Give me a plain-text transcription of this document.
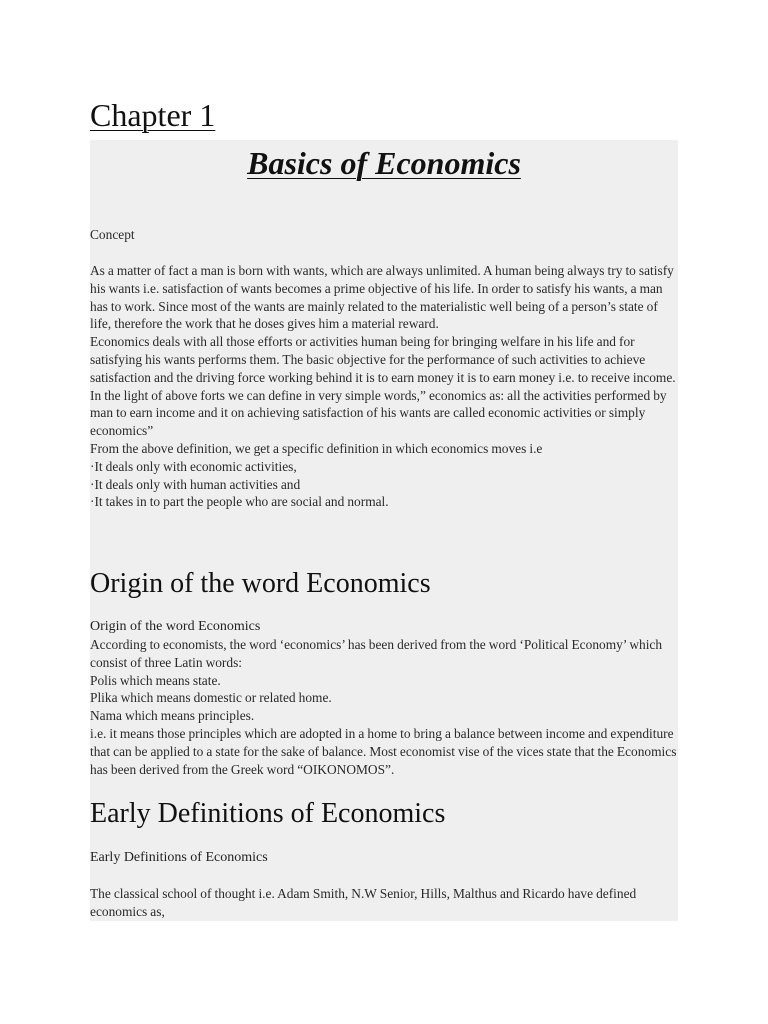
Chapter 1
Basics of Economics
Concept

As a matter of fact a man is born with wants, which are always unlimited. A human being always try to satisfy his wants i.e. satisfaction of wants becomes a prime objective of his life. In order to satisfy his wants, a man has to work. Since most of the wants are mainly related to the materialistic well being of a person’s state of life, therefore the work that he doses gives him a material reward.

Economics deals with all those efforts or activities human being for bringing welfare in his life and for satisfying his wants performs them. The basic objective for the performance of such activities to achieve satisfaction and the driving force working behind it is to earn money it is to earn money i.e. to receive income.

In the light of above forts we can define in very simple words,” economics as: all the activities performed by man to earn income and it on achieving satisfaction of his wants are called economic activities or simply economics”

From the above definition, we get a specific definition in which economics moves i.e

·It deals only with economic activities,

·It deals only with human activities and

·It takes in to part the people who are social and normal.

Origin of the word Economics
Origin of the word Economics

According to economists, the word ‘economics’ has been derived from the word ‘Political Economy’ which consist of three Latin words:

Polis which means state.

Plika which means domestic or related home.

Nama which means principles.

i.e. it means those principles which are adopted in a home to bring a balance between income and expenditure that can be applied to a state for the sake of balance. Most economist vise of the vices state that the Economics has been derived from the Greek word “OIKONOMOS”.

Early Definitions of Economics
Early Definitions of Economics

The classical school of thought i.e. Adam Smith, N.W Senior, Hills, Malthus and Ricardo have defined economics as,
